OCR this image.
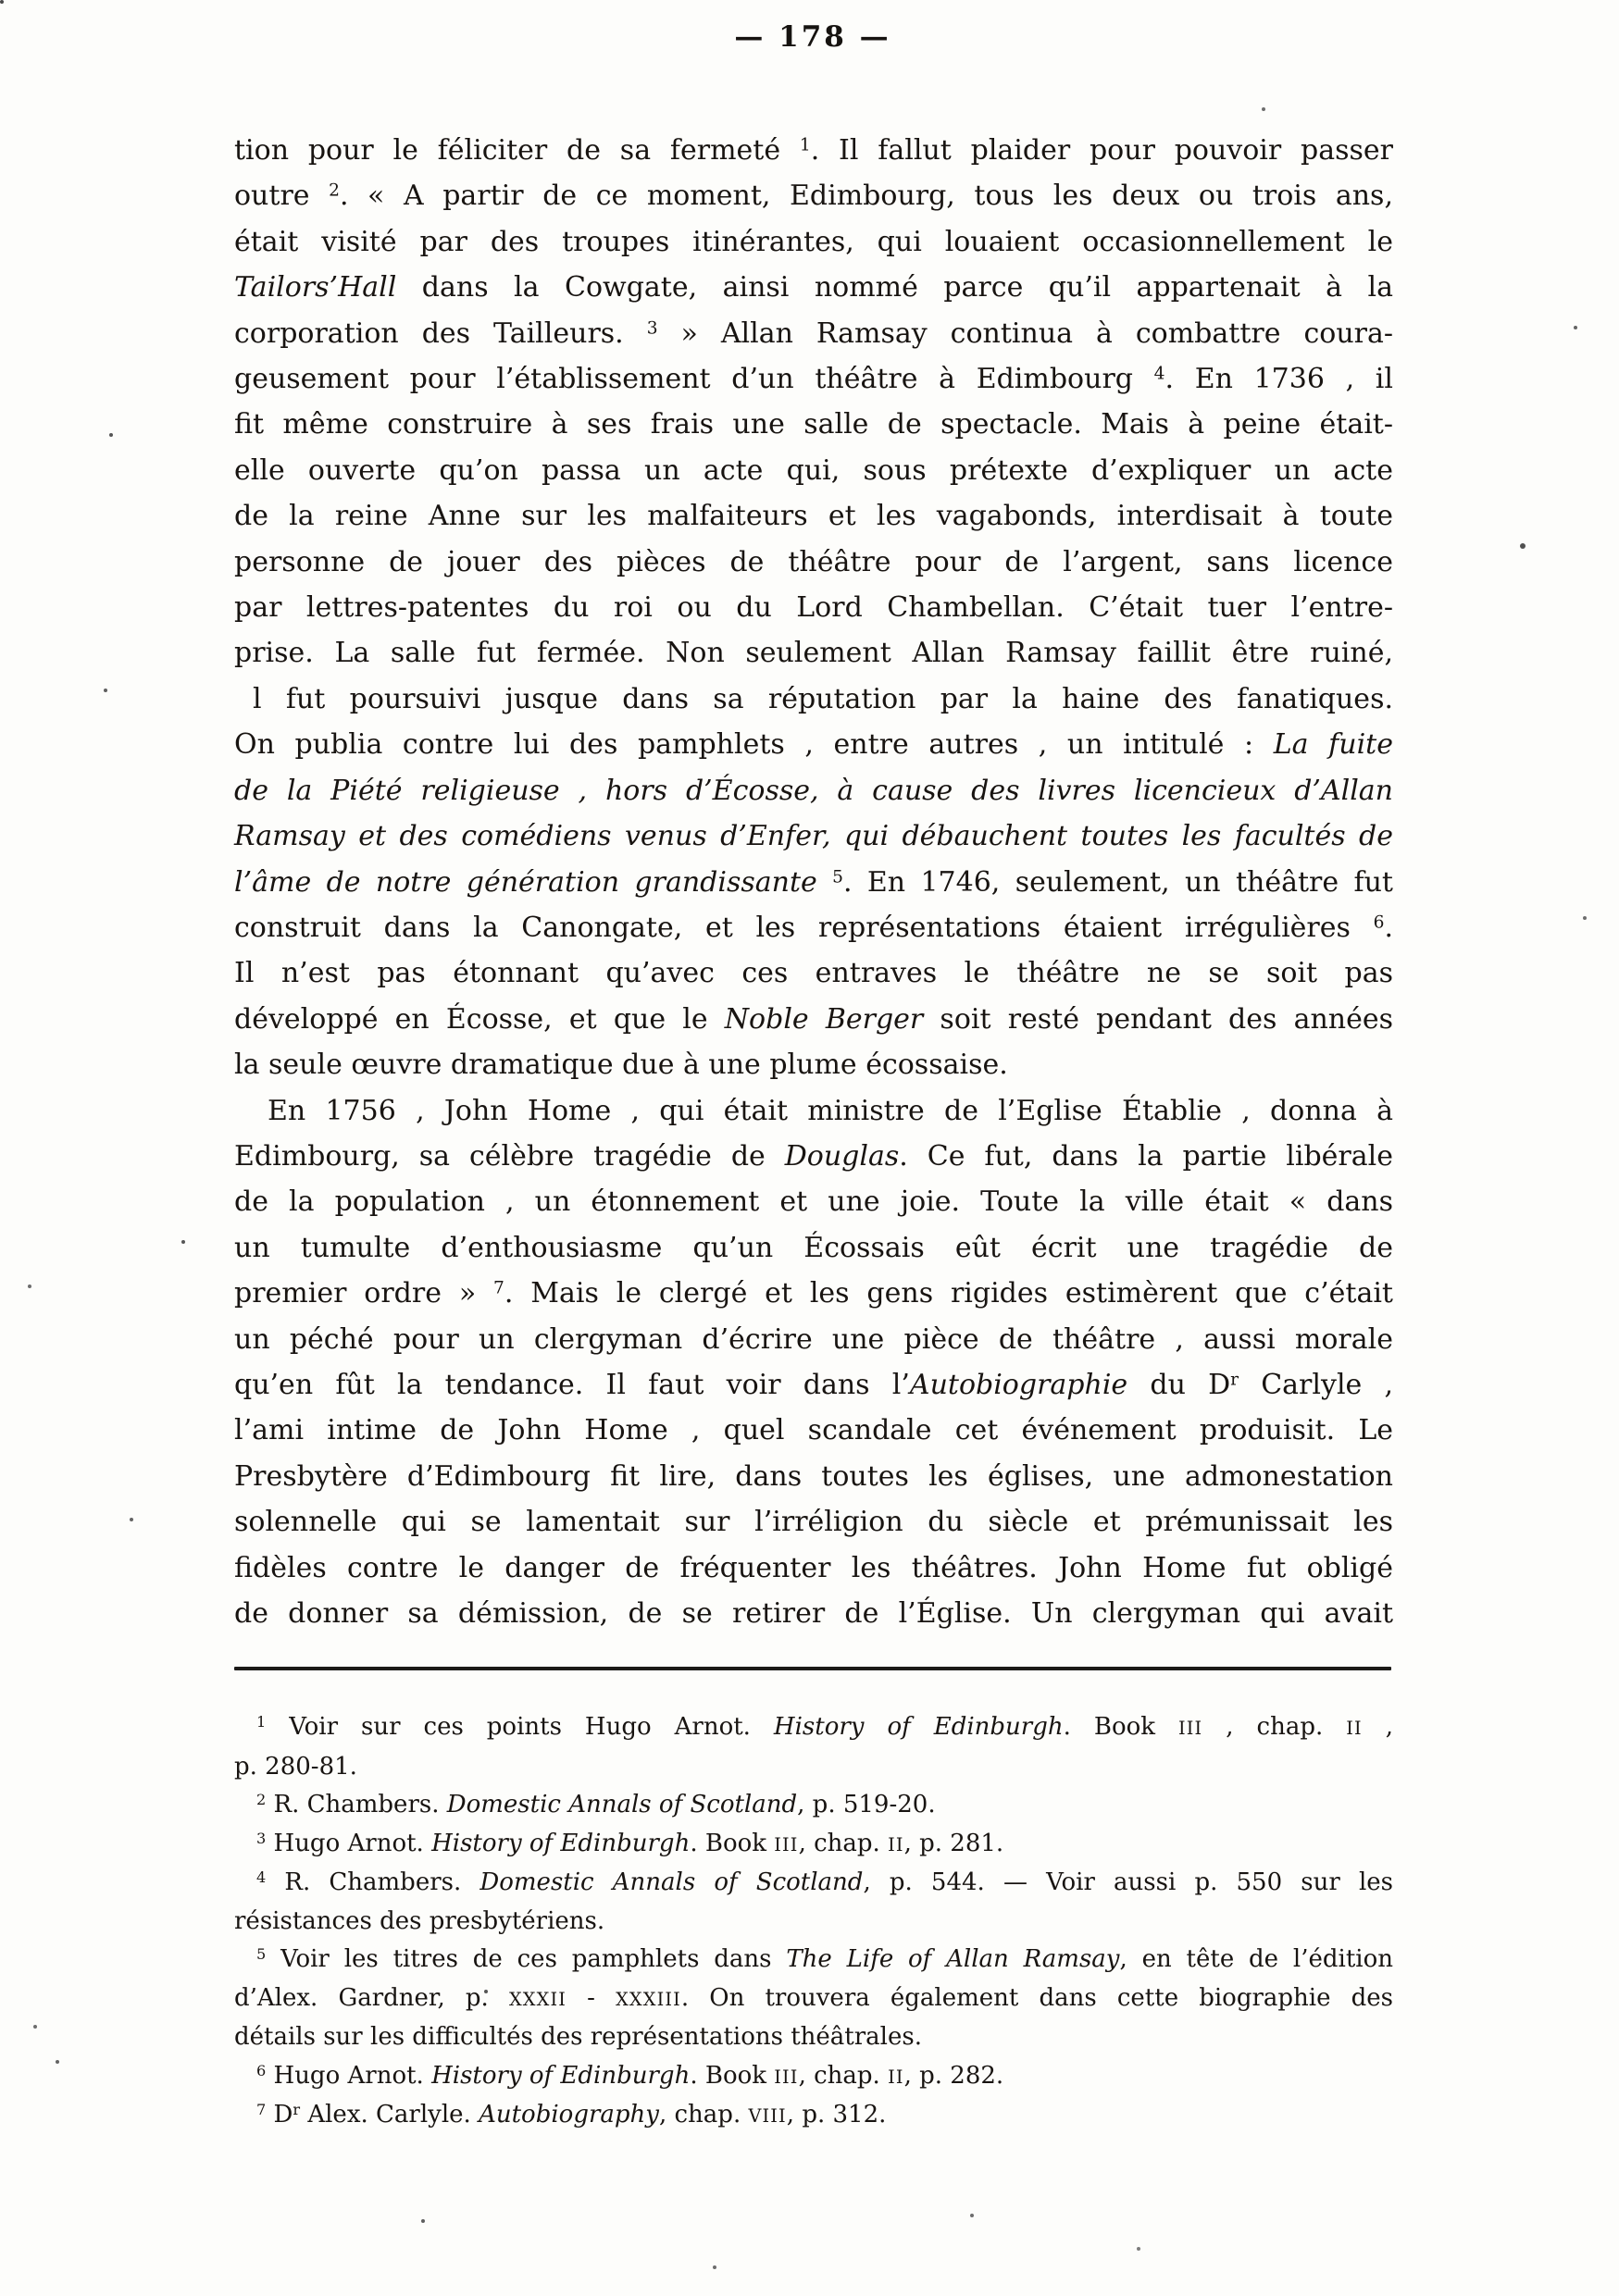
— 178 —
tion pour le féliciter de sa fermeté $^1$. Il fallut plaider pour pouvoir passer
outre $^2$. « A partir de ce moment, Edimbourg, tous les deux ou trois ans,
était visité par des troupes itinérantes, qui louaient occasionnellement le
Tailors’Hall dans la Cowgate, ainsi nommé parce qu’il appartenait à la
corporation des Tailleurs. $^3$ » Allan Ramsay continua à combattre coura-
geusement pour l’établissement d’un théâtre à Edimbourg $^4$. En 1736 , il
fit même construire à ses frais une salle de spectacle. Mais à peine était-
elle ouverte qu’on passa un acte qui, sous prétexte d’expliquer un acte
de la reine Anne sur les malfaiteurs et les vagabonds, interdisait à toute
personne de jouer des pièces de théâtre pour de l’argent, sans licence
par lettres-patentes du roi ou du Lord Chambellan. C’était tuer l’entre-
prise. La salle fut fermée. Non seulement Allan Ramsay faillit être ruiné,
l fut poursuivi jusque dans sa réputation par la haine des fanatiques.
On publia contre lui des pamphlets , entre autres , un intitulé : La fuite
de la Piété religieuse , hors d’Écosse, à cause des livres licencieux d’Allan
Ramsay et des comédiens venus d’Enfer, qui débauchent toutes les facultés de
l’âme de notre génération grandissante $^5$. En 1746, seulement, un théâtre fut
construit dans la Canongate, et les représentations étaient irrégulières $^6$.
Il n’est pas étonnant qu’avec ces entraves le théâtre ne se soit pas
développé en Écosse, et que le Noble Berger soit resté pendant des années
la seule œuvre dramatique due à une plume écossaise.
En 1756 , John Home , qui était ministre de l’Eglise Établie , donna à
Edimbourg, sa célèbre tragédie de Douglas. Ce fut, dans la partie libérale
de la population , un étonnement et une joie. Toute la ville était « dans
un tumulte d’enthousiasme qu’un Écossais eût écrit une tragédie de
premier ordre » $^7$. Mais le clergé et les gens rigides estimèrent que c’était
un péché pour un clergyman d’écrire une pièce de théâtre , aussi morale
qu’en fût la tendance. Il faut voir dans l’Autobiographie du $D^r$ Carlyle ,
l’ami intime de John Home , quel scandale cet événement produisit. Le
Presbytère d’Edimbourg fit lire, dans toutes les églises, une admonestation
solennelle qui se lamentait sur l’irréligion du siècle et prémunissait les
fidèles contre le danger de fréquenter les théâtres. John Home fut obligé
de donner sa démission, de se retirer de l’Église. Un clergyman qui avait
$^1$ Voir sur ces points Hugo Arnot. History of Edinburgh. Book III , chap. II ,
p. 280-81.
$^2$ R. Chambers. Domestic Annals of Scotland, p. 519-20.
$^3$ Hugo Arnot. History of Edinburgh. Book III, chap. II, p. 281.
$^4$ R. Chambers. Domestic Annals of Scotland, p. 544. — Voir aussi p. 550 sur les
résistances des presbytériens.
$^5$ Voir les titres de ces pamphlets dans The Life of Allan Ramsay, en tête de l’édition
d’Alex. Gardner, p. XXXII - XXXIII. On trouvera également dans cette biographie des
détails sur les difficultés des représentations théâtrales.
$^6$ Hugo Arnot. History of Edinburgh. Book III, chap. II, p. 282.
$^7$ $D^r$ Alex. Carlyle. Autobiography, chap. VIII, p. 312.
